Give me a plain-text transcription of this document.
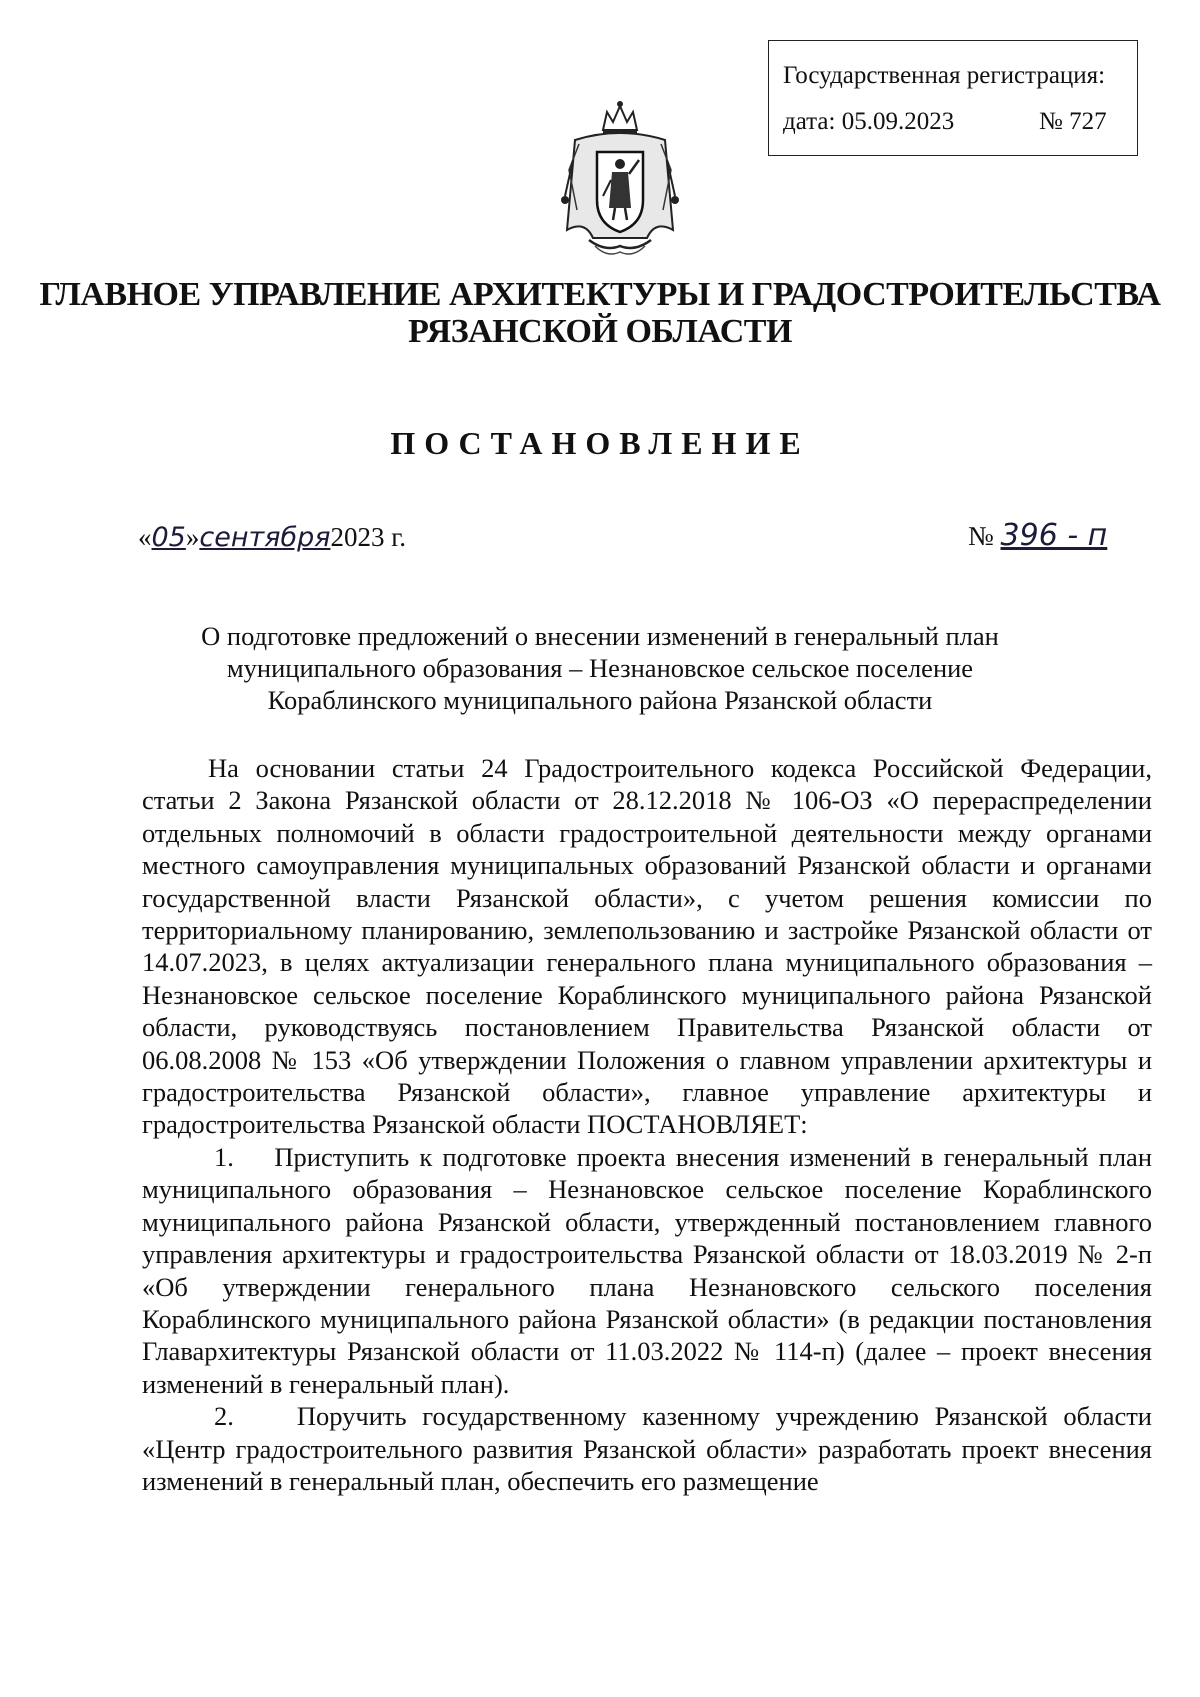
Государственная регистрация:
дата: 05.09.2023	№ 727
ГЛАВНОЕ УПРАВЛЕНИЕ АРХИТЕКТУРЫ И ГРАДОСТРОИТЕЛЬСТВА
РЯЗАНСКОЙ ОБЛАСТИ
ПОСТАНОВЛЕНИЕ
«05»сентября2023 г.	№ 396 - п
О подготовке предложений о внесении изменений в генеральный план
муниципального образования – Незнановское сельское поселение
Кораблинского муниципального района Рязанской области

На основании статьи 24 Градостроительного кодекса Российской Федерации, статьи 2 Закона Рязанской области от 28.12.2018 № 106-ОЗ «О перераспределении отдельных полномочий в области градостроительной деятельности между органами местного самоуправления муниципальных образований Рязанской области и органами государственной власти Рязанской области», с учетом решения комиссии по территориальному планированию, землепользованию и застройке Рязанской области от 14.07.2023, в целях актуализации генерального плана муниципального образования – Незнановское сельское поселение Кораблинского муниципального района Рязанской области, руководствуясь постановлением Правительства Рязанской области от 06.08.2008 № 153 «Об утверждении Положения о главном управлении архитектуры и градостроительства Рязанской области», главное управление архитектуры и градостроительства Рязанской области ПОСТАНОВЛЯЕТ:

1.    Приступить к подготовке проекта внесения изменений в генеральный план муниципального образования – Незнановское сельское поселение Кораблинского муниципального района Рязанской области, утвержденный постановлением главного управления архитектуры и градостроительства Рязанской области от 18.03.2019 № 2-п «Об утверждении генерального плана Незнановского сельского поселения Кораблинского муниципального района Рязанской области» (в редакции постановления Главархитектуры Рязанской области от 11.03.2022 № 114-п) (далее – проект внесения изменений в генеральный план).

2.    Поручить государственному казенному учреждению Рязанской области «Центр градостроительного развития Рязанской области» разработать проект внесения изменений в генеральный план, обеспечить его размещение
